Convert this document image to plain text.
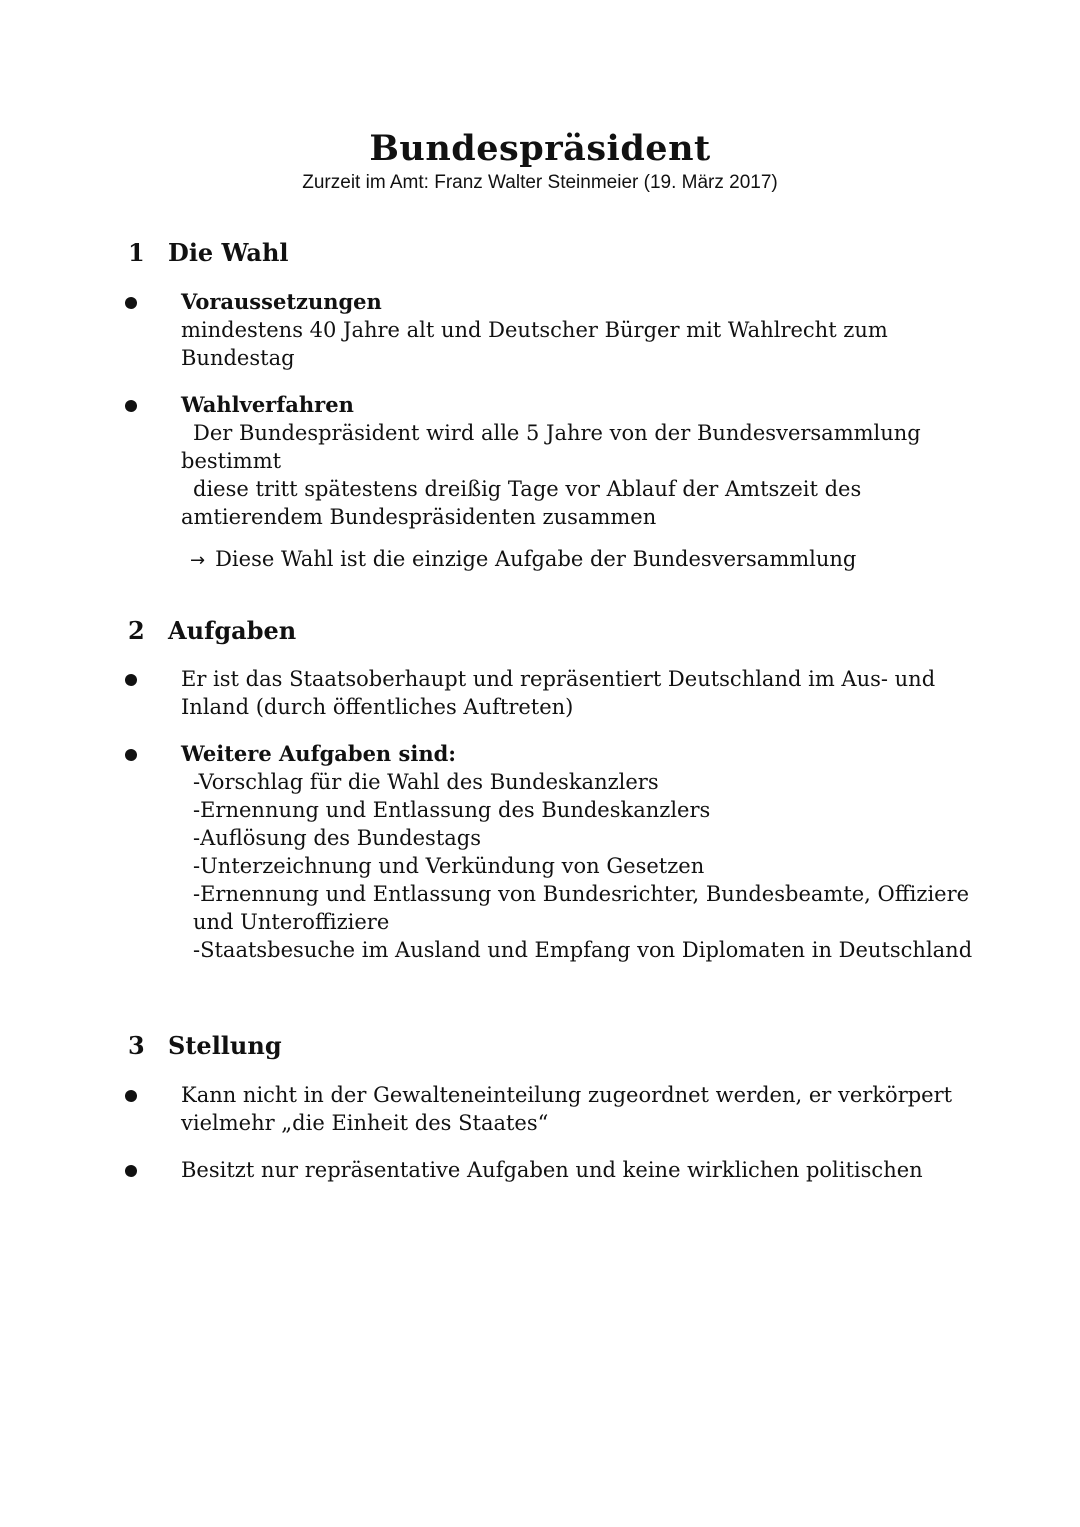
Bundespräsident
Zurzeit im Amt: Franz Walter Steinmeier (19. März 2017)
1 Die Wahl
Voraussetzungen
mindestens 40 Jahre alt und Deutscher Bürger mit Wahlrecht zum
Bundestag
Wahlverfahren
Der Bundespräsident wird alle 5 Jahre von der Bundesversammlung
bestimmt
diese tritt spätestens dreißig Tage vor Ablauf der Amtszeit des
amtierendem Bundespräsidenten zusammen
→ Diese Wahl ist die einzige Aufgabe der Bundesversammlung
2 Aufgaben
Er ist das Staatsoberhaupt und repräsentiert Deutschland im Aus- und
Inland (durch öffentliches Auftreten)
Weitere Aufgaben sind:
-Vorschlag für die Wahl des Bundeskanzlers
-Ernennung und Entlassung des Bundeskanzlers
-Auflösung des Bundestags
-Unterzeichnung und Verkündung von Gesetzen
-Ernennung und Entlassung von Bundesrichter, Bundesbeamte, Offiziere
und Unteroffiziere
-Staatsbesuche im Ausland und Empfang von Diplomaten in Deutschland
3 Stellung
Kann nicht in der Gewalteneinteilung zugeordnet werden, er verkörpert
vielmehr „die Einheit des Staates“
Besitzt nur repräsentative Aufgaben und keine wirklichen politischen
